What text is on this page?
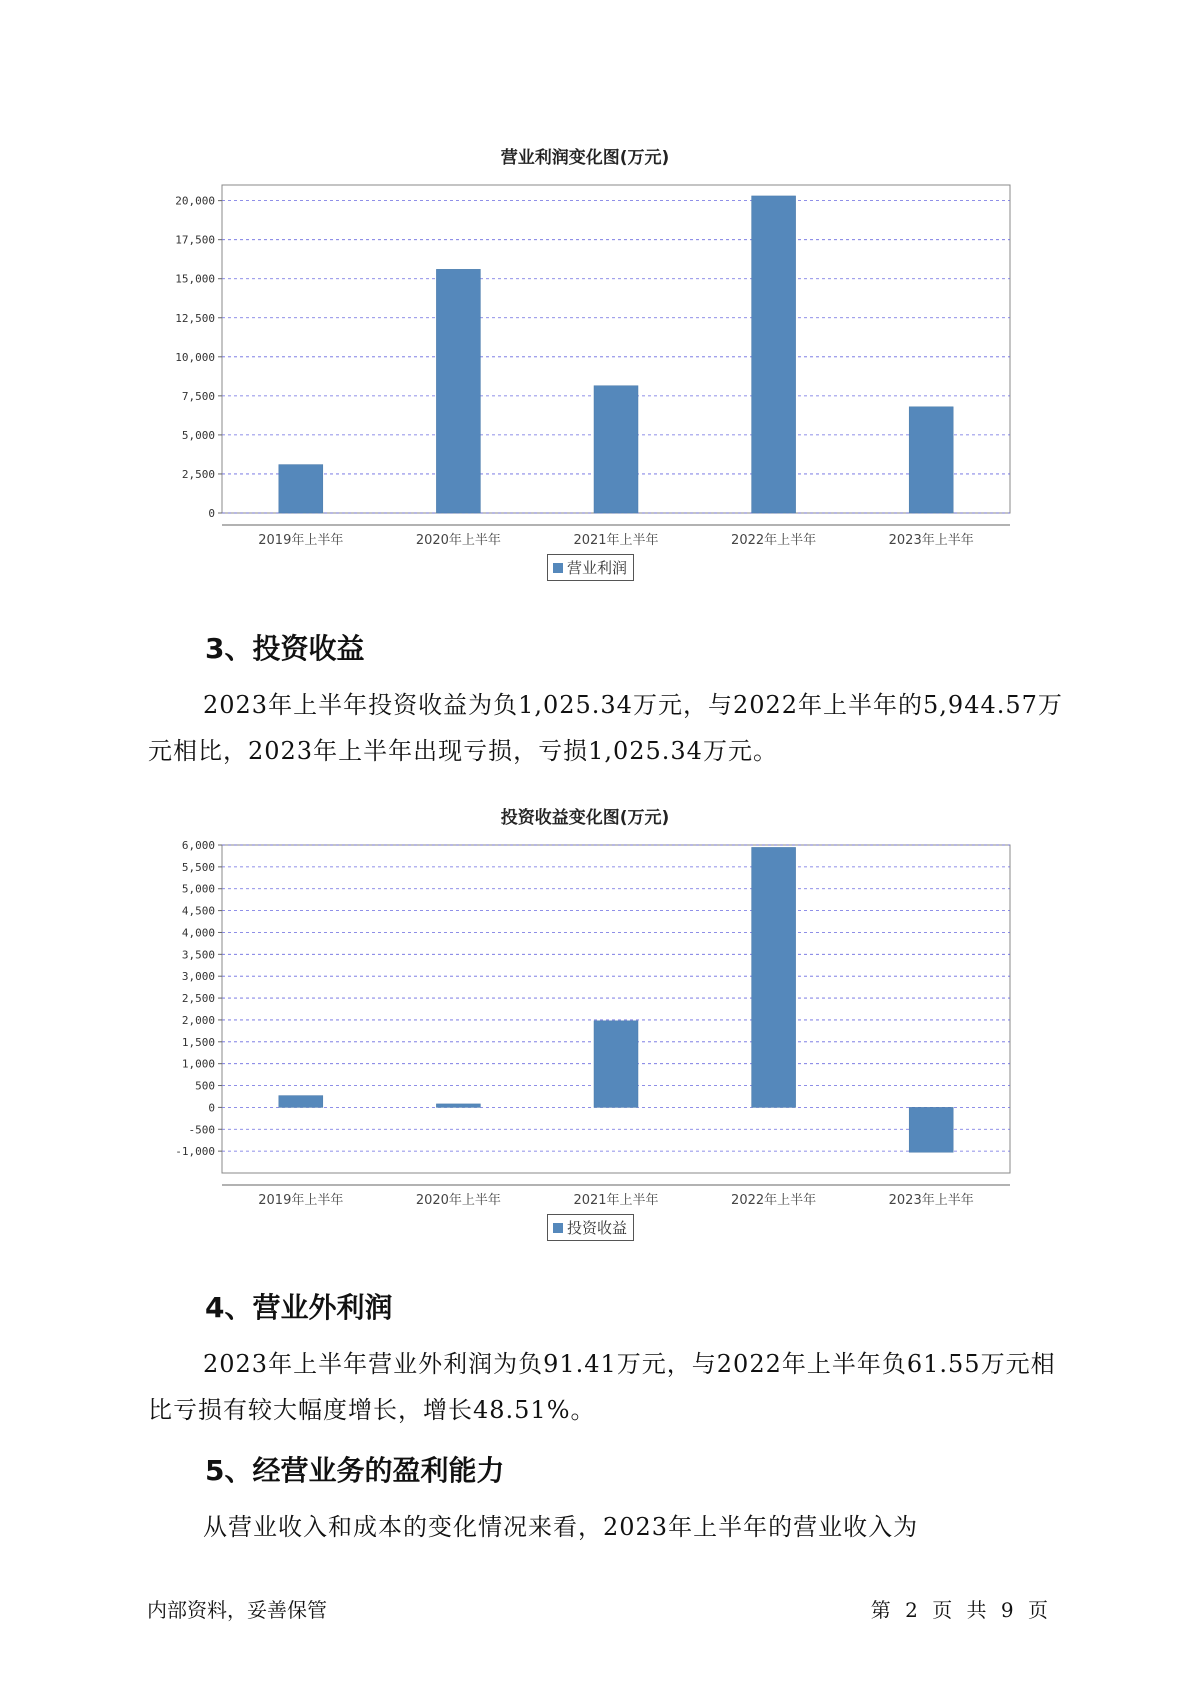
营业利润变化图(万元)
0
2,500
5,000
7,500
10,000
12,500
15,000
17,500
20,000
2019年上半年	2020年上半年	2021年上半年	2022年上半年	2023年上半年
营业利润
3、投资收益

2023年上半年投资收益为负1,025.34万元，与2022年上半年的5,944.57万元相比，2023年上半年出现亏损，亏损1,025.34万元。

投资收益变化图(万元)
-1,000
-500
0
500
1,000
1,500
2,000
2,500
3,000
3,500
4,000
4,500
5,000
5,500
6,000
2019年上半年	2020年上半年	2021年上半年	2022年上半年	2023年上半年
投资收益
4、营业外利润

2023年上半年营业外利润为负91.41万元，与2022年上半年负61.55万元相比亏损有较大幅度增长，增长48.51%。

5、经营业务的盈利能力

从营业收入和成本的变化情况来看，2023年上半年的营业收入为

内部资料，妥善保管	第 2 页 共 9 页
